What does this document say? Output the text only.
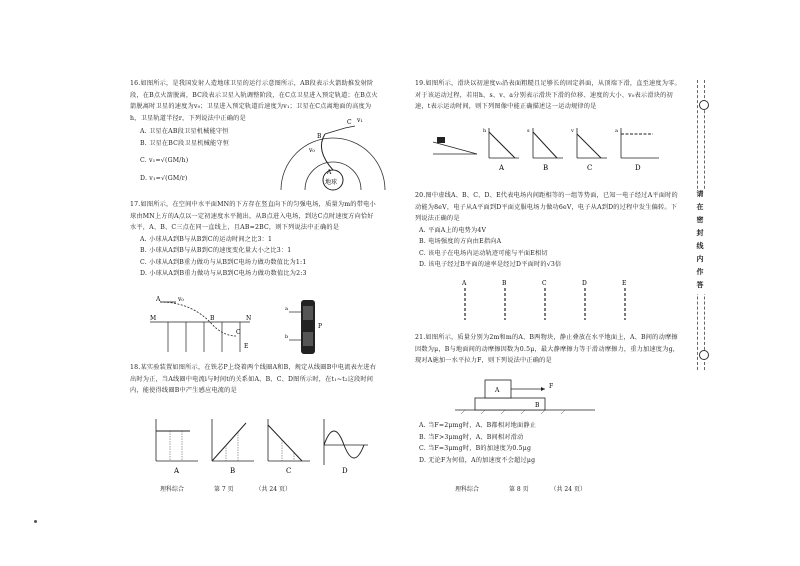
16.如图所示，是我国发射人造地球卫星的运行示意图所示，AB段表示火箭助推发射阶段，在B点火箭脱离，BC段表示卫星入轨调整阶段，在C点卫星进入预定轨道；在B点火箭脱离时卫星的速度为v₀；卫星进入预定轨道后速度为v₁；卫星在C点离地面的高度为h，卫星轨道半径r，下列说法中正确的是

A. 卫星在AB段卫星机械能守恒
B. 卫星在BC段卫星机械能守恒
C. v₁=√(GM/h)
D. v₁=√(GM/r)
地球
A
B
C v₁
v₀

17.如图所示，在空间中水平面MN的下方存在竖直向下的匀强电场，质量为m的带电小球由MN上方的A点以一定初速度水平抛出，从B点进入电场，到达C点时速度方向恰好水平，A、B、C三点在同一直线上，且AB=2BC，则下列说法中正确的是

A. 小球从A到B与从B到C的运动时间之比3：1
B. 小球从A到B与从B到C的速度变化量大小之比3：1
C. 小球从A到B重力做功与从B到C电场力做功数值比为1:1
D. 小球从A到B重力做功与从B到C电场力做功数值比为2:3
A	v₀
M	B	N
C
E
a
b
P

18.某实验装置如图所示，在铁芯P上绕着两个线圈A和B，规定从线圈B中电流表左进右出时为正，当A线圈中电流i与时间t的关系如A、B、C、D图所示时，在t₁~t₂这段时间内，能使得线圈B中产生感应电流的是

A	B	C	D
理科综合	第 7 页	（共 24 页）

19.如图所示，滑块以初速度v₀沿表面粗糙且足够长的固定斜面，从顶端下滑，直至速度为零。对于该运动过程，若用h、s、v、a分别表示滑块下滑的位移、速度的大小、v₀表示滑块的初速，t表示运动时间，则下列图像中能正确描述这一运动规律的是

h
A
s
B
v
C
a
D

20.图中虚线A、B、C、D、E代表电场内间距相等的一组等势面，已知一电子经过A平面时的动能为8eV，电子从A平面到D平面克服电场力做功6eV，电子从A到D的过程中发生偏转。下列说法正确的是

A. 平面A上的电势为4V
B. 电场强度的方向由E指向A
C. 该电子在电场内运动轨迹可能与平面E相切
D. 该电子经过B平面的速率是经过D平面时的√3倍
A	B	C	D	E

21.如图所示，质量分别为2m和m的A、B两物块，静止叠放在水平地面上，A、B间的动摩擦因数为μ，B与地面间的动摩擦因数为0.5μ，最大静摩擦力等于滑动摩擦力，重力加速度为g，现对A施加一水平拉力F，则下列说法中正确的是

A
B
F
A. 当F=2μmg时，A、B都相对地面静止
B. 当F>3μmg时，A、B间相对滑动
C. 当F=3μmg时，B的加速度为0.5μg
D. 无论F为何值，A的加速度不会超过μg
理科综合	第 8 页	（共 24 页）
请在密封线内作答
